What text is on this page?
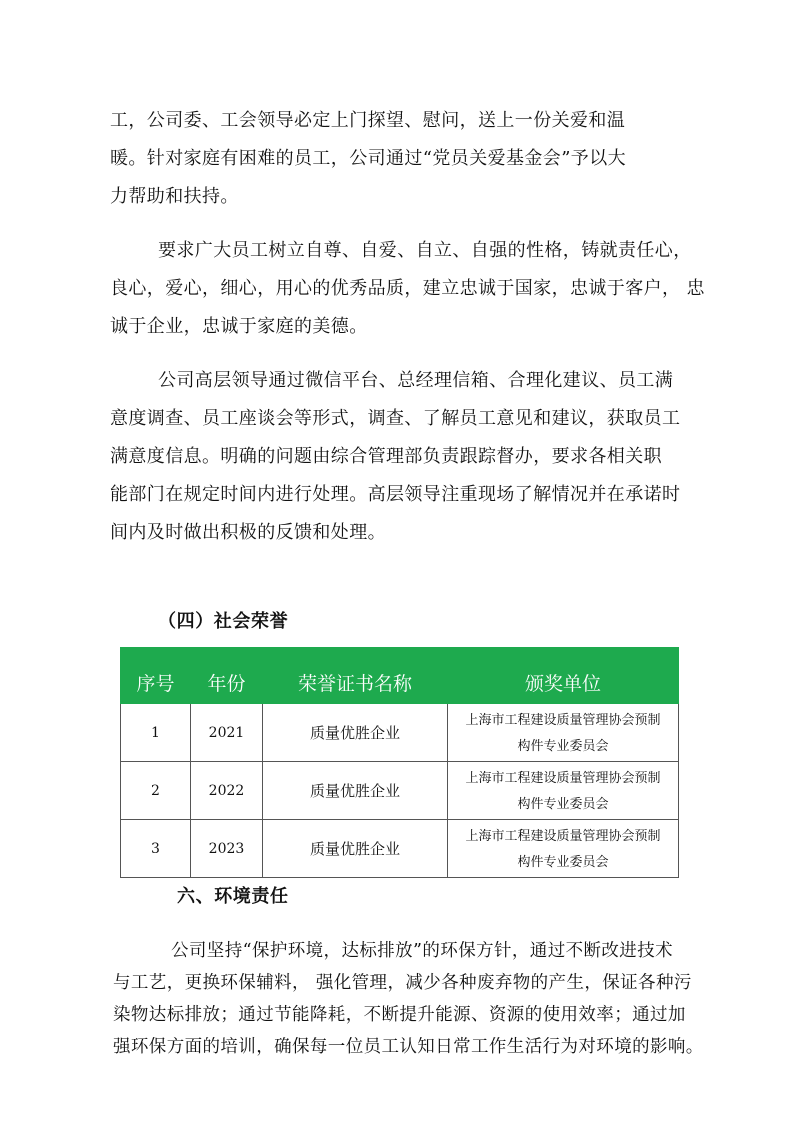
工，公司委、工会领导必定上门探望、慰问，送上一份关爱和温
暖。针对家庭有困难的员工，公司通过“党员关爱基金会”予以大
力帮助和扶持。
要求广大员工树立自尊、自爱、自立、自强的性格，铸就责任心，
良心，爱心，细心，用心的优秀品质，建立忠诚于国家，忠诚于客户， 忠
诚于企业，忠诚于家庭的美德。
公司高层领导通过微信平台、总经理信箱、合理化建议、员工满
意度调查、员工座谈会等形式，调查、了解员工意见和建议，获取员工
满意度信息。明确的问题由综合管理部负责跟踪督办，要求各相关职
能部门在规定时间内进行处理。高层领导注重现场了解情况并在承诺时
间内及时做出积极的反馈和处理。
（四）社会荣誉
序号	年份	荣誉证书名称	颁奖单位
1	2021	质量优胜企业	上海市工程建设质量管理协会预制
构件专业委员会

2	2022	质量优胜企业	上海市工程建设质量管理协会预制
构件专业委员会

3	2023	质量优胜企业	上海市工程建设质量管理协会预制
构件专业委员会
六、环境责任
公司坚持“保护环境，达标排放”的环保方针，通过不断改进技术
与工艺，更换环保辅料， 强化管理，减少各种废弃物的产生，保证各种污
染物达标排放；通过节能降耗，不断提升能源、资源的使用效率；通过加
强环保方面的培训，确保每一位员工认知日常工作生活行为对环境的影响。
